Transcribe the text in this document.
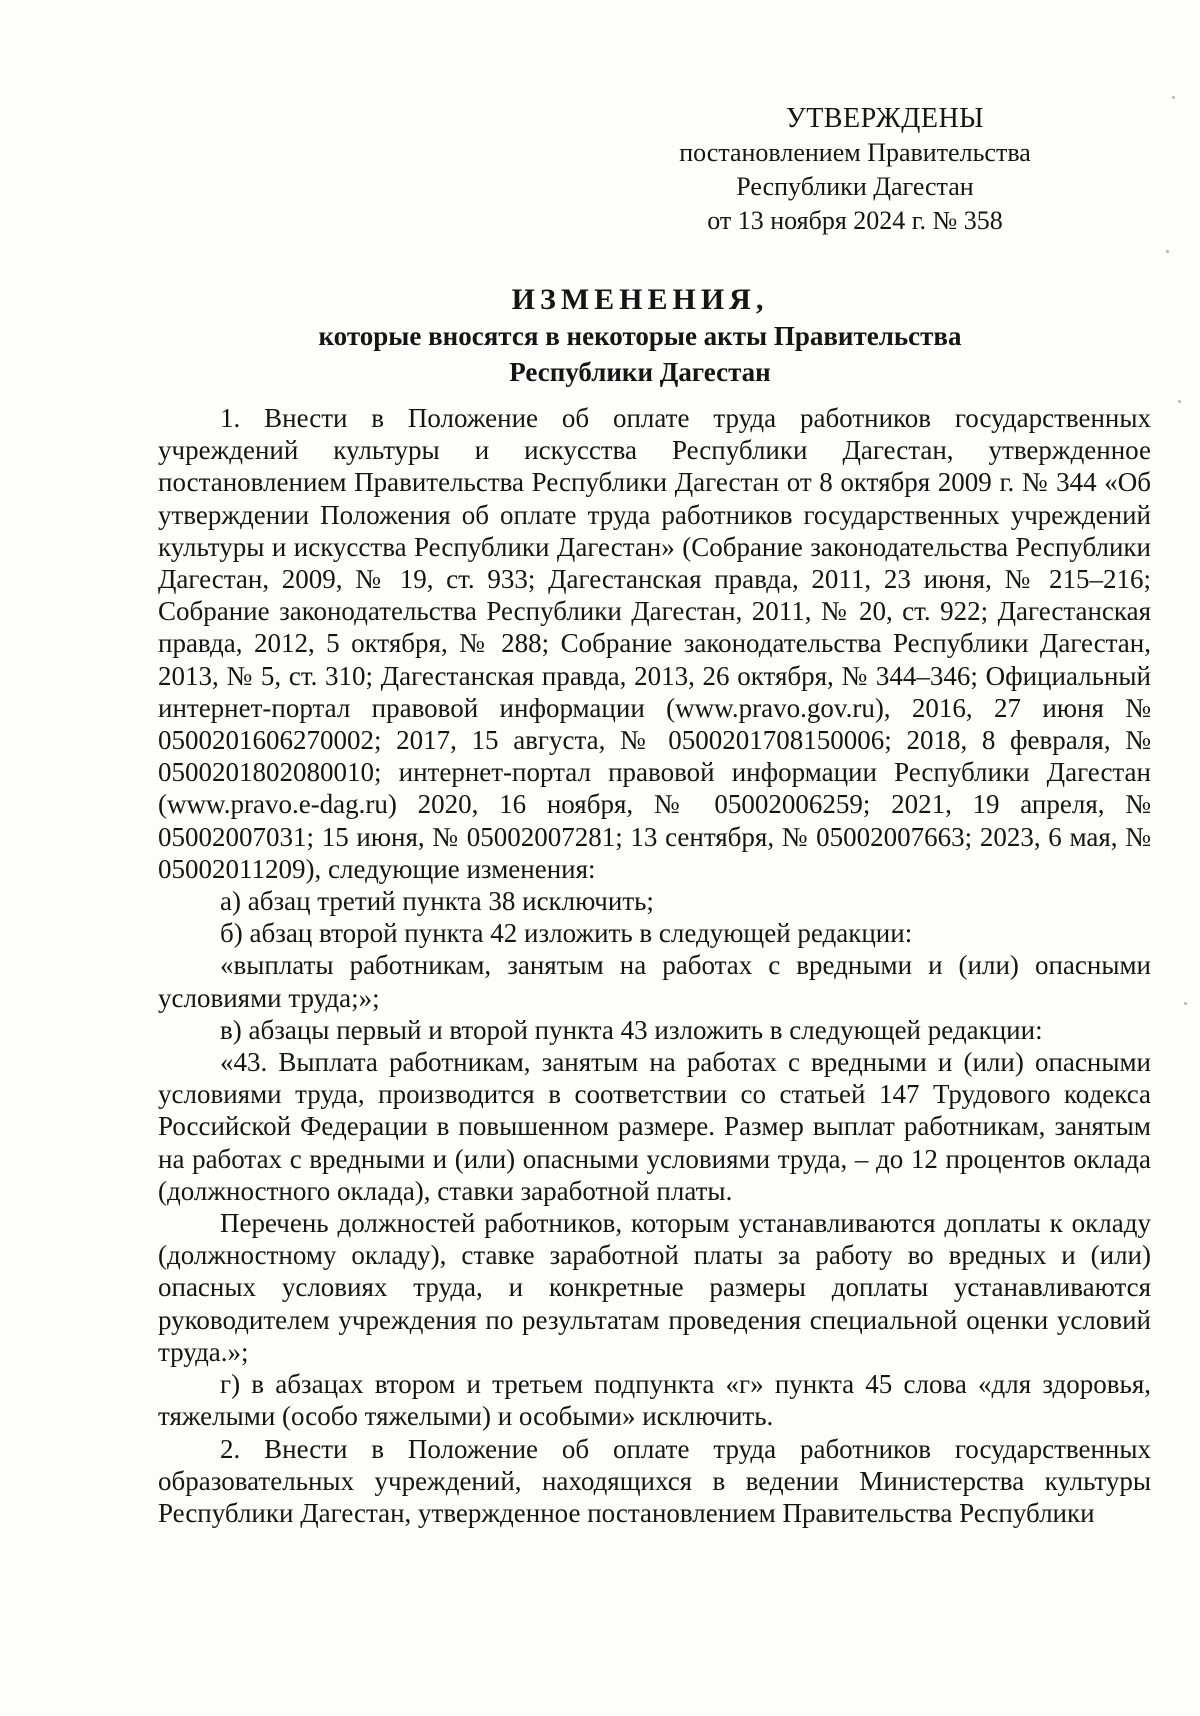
УТВЕРЖДЕНЫ
постановлением Правительства
Республики Дагестан
от 13 ноября 2024 г. № 358
ИЗМЕНЕНИЯ,
которые вносятся в некоторые акты Правительства
Республики Дагестан

1. Внести в Положение об оплате труда работников государственных учреждений культуры и искусства Республики Дагестан, утвержденное постановлением Правительства Республики Дагестан от 8 октября 2009 г. № 344 «Об утверждении Положения об оплате труда работников государственных учреждений культуры и искусства Республики Дагестан» (Собрание законодательства Республики Дагестан, 2009, № 19, ст. 933; Дагестанская правда, 2011, 23 июня, № 215–216; Собрание законодательства Республики Дагестан, 2011, № 20, ст. 922; Дагестанская правда, 2012, 5 октября, № 288; Собрание законодательства Республики Дагестан, 2013, № 5, ст. 310; Дагестанская правда, 2013, 26 октября, № 344–346; Официальный интернет-портал правовой информации (www.pravo.gov.ru), 2016, 27 июня № 0500201606270002; 2017, 15 августа, № 0500201708150006; 2018, 8 февраля, № 0500201802080010; интернет-портал правовой информации Республики Дагестан (www.pravo.e-dag.ru) 2020, 16 ноября, № 05002006259; 2021, 19 апреля, № 05002007031; 15 июня, № 05002007281; 13 сентября, № 05002007663; 2023, 6 мая, № 05002011209), следующие изменения:

а) абзац третий пункта 38 исключить;

б) абзац второй пункта 42 изложить в следующей редакции:

«выплаты работникам, занятым на работах с вредными и (или) опасными условиями труда;»;

в) абзацы первый и второй пункта 43 изложить в следующей редакции:

«43. Выплата работникам, занятым на работах с вредными и (или) опасными условиями труда, производится в соответствии со статьей 147 Трудового кодекса Российской Федерации в повышенном размере. Размер выплат работникам, занятым на работах с вредными и (или) опасными условиями труда, – до 12 процентов оклада (должностного оклада), ставки заработной платы.

Перечень должностей работников, которым устанавливаются доплаты к окладу (должностному окладу), ставке заработной платы за работу во вредных и (или) опасных условиях труда, и конкретные размеры доплаты устанавливаются руководителем учреждения по результатам проведения специальной оценки условий труда.»;

г) в абзацах втором и третьем подпункта «г» пункта 45 слова «для здоровья, тяжелыми (особо тяжелыми) и особыми» исключить.

2. Внести в Положение об оплате труда работников государственных образовательных учреждений, находящихся в ведении Министерства культуры Республики Дагестан, утвержденное постановлением Правительства Республики
